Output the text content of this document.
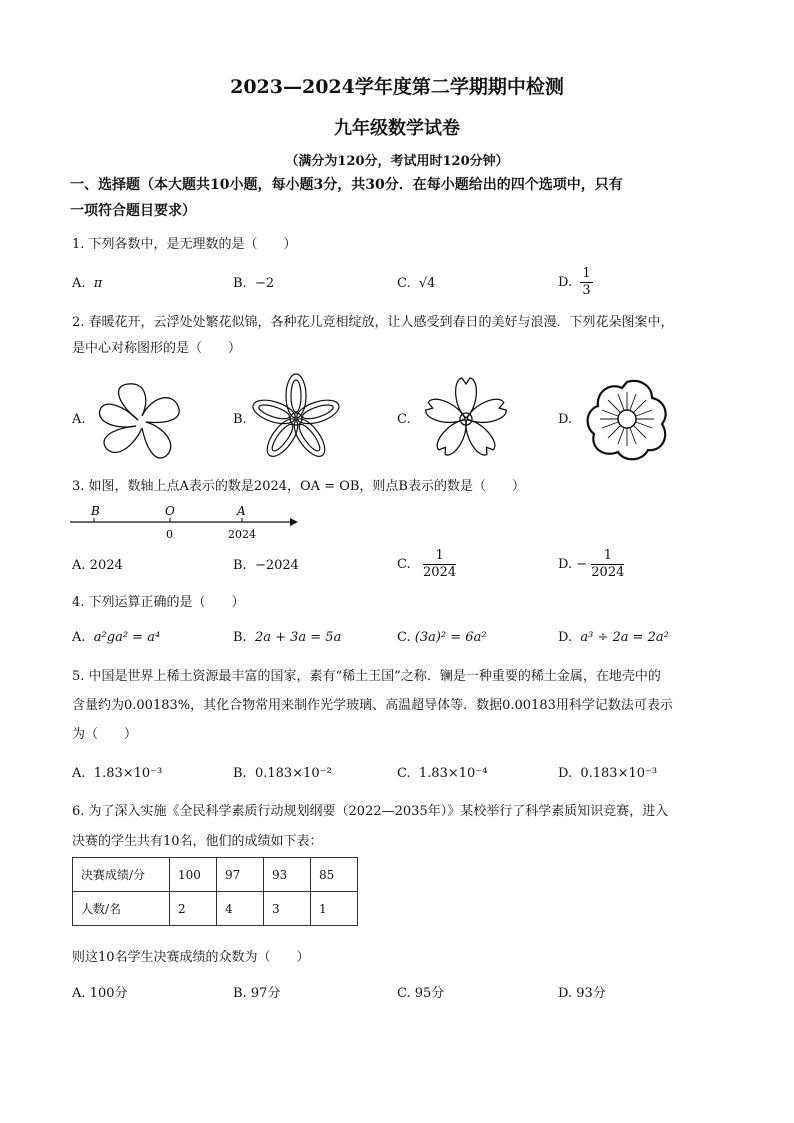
2023—2024学年度第二学期期中检测
九年级数学试卷
（满分为120分，考试用时120分钟）
一、选择题（本大题共10小题，每小题3分，共30分．在每小题给出的四个选项中，只有
一项符合题目要求）
1. 下列各数中，是无理数的是（　　）
A. π	B. −2	C. √4	D. $\frac{1}{3}$
2. 春暖花开，云浮处处繁花似锦，各种花儿竞相绽放，让人感受到春日的美好与浪漫．下列花朵图案中，
是中心对称图形的是（　　）
A.	B.	C.	D.
3. 如图，数轴上点A表示的数是2024，OA = OB，则点B表示的数是（　　）
B	O	A
0	2024
A. 2024	B. −2024	C. $\frac{1}{2024}$	D. − $\frac{1}{2024}$
4. 下列运算正确的是（　　）
A. a²ga² = a⁴	B. 2a + 3a = 5a	C. (3a)² = 6a²	D. a³ ÷ 2a = 2a²
5. 中国是世界上稀土资源最丰富的国家，素有“稀土王国”之称．镧是一种重要的稀土金属，在地壳中的
含量约为0.00183%，其化合物常用来制作光学玻璃、高温超导体等．数据0.00183用科学记数法可表示
为（　　）
A. 1.83×10⁻³	B. 0.183×10⁻²	C. 1.83×10⁻⁴	D. 0.183×10⁻³
6. 为了深入实施《全民科学素质行动规划纲要（2022—2035年）》某校举行了科学素质知识竞赛，进入
决赛的学生共有10名，他们的成绩如下表：
决赛成绩/分	100	97	93	85
人数/名	2	4	3	1
则这10名学生决赛成绩的众数为（　　）
A. 100分	B. 97分	C. 95分	D. 93分
